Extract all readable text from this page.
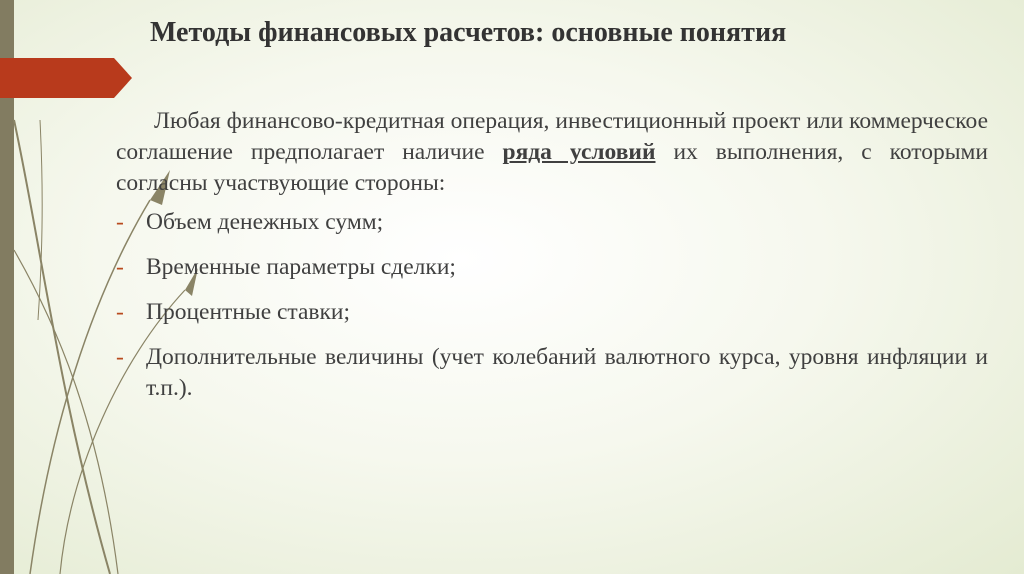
Методы финансовых расчетов: основные понятия

Любая финансово-кредитная операция, инвестиционный проект или коммерческое соглашение предполагает наличие ряда условий их выполнения, с которыми согласны участвующие стороны:

- Объем денежных сумм;
- Временные параметры сделки;
- Процентные ставки;
- Дополнительные величины (учет колебаний валютного курса, уровня инфляции и т.п.).
